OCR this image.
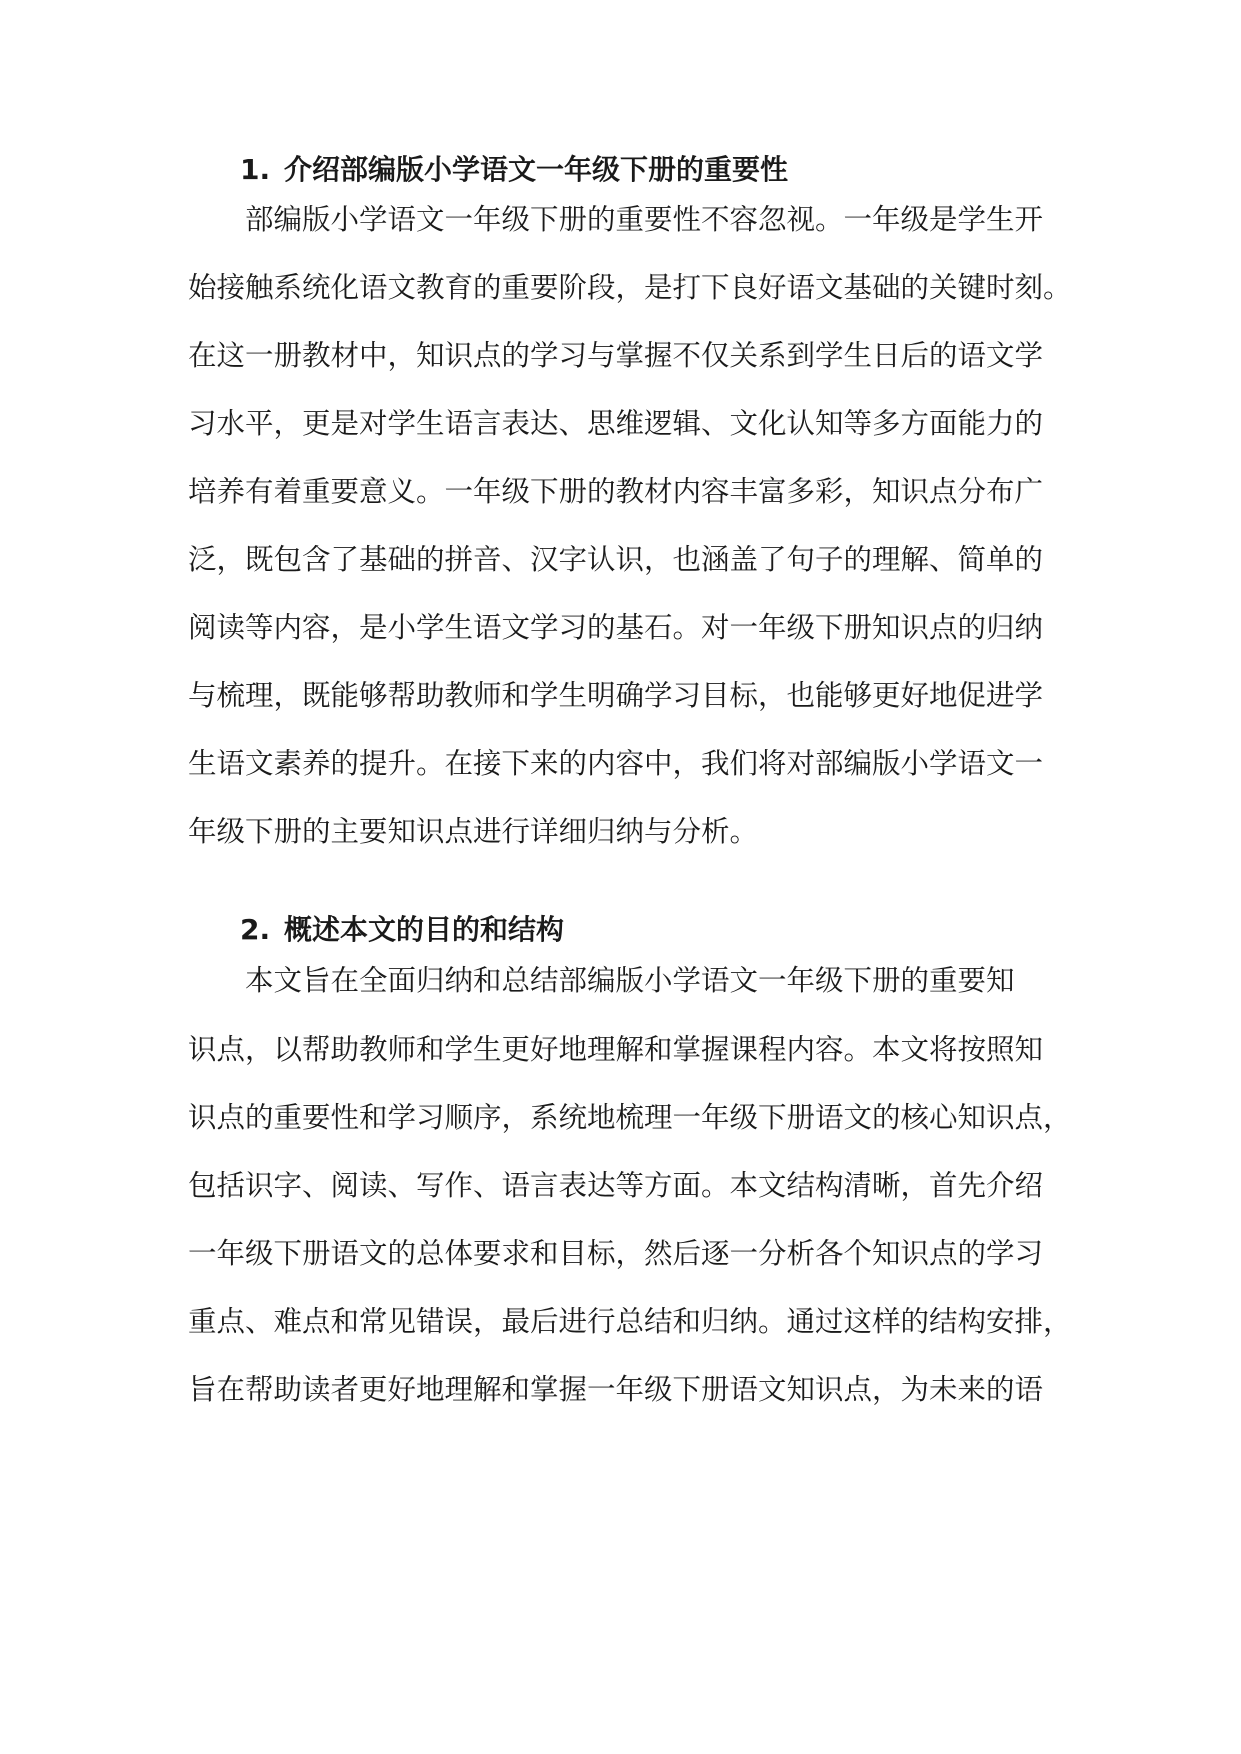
1. 介绍部编版小学语文一年级下册的重要性
部编版小学语文一年级下册的重要性不容忽视。一年级是学生开
始接触系统化语文教育的重要阶段，是打下良好语文基础的关键时刻。
在这一册教材中，知识点的学习与掌握不仅关系到学生日后的语文学
习水平，更是对学生语言表达、思维逻辑、文化认知等多方面能力的
培养有着重要意义。一年级下册的教材内容丰富多彩，知识点分布广
泛，既包含了基础的拼音、汉字认识，也涵盖了句子的理解、简单的
阅读等内容，是小学生语文学习的基石。对一年级下册知识点的归纳
与梳理，既能够帮助教师和学生明确学习目标，也能够更好地促进学
生语文素养的提升。在接下来的内容中，我们将对部编版小学语文一
年级下册的主要知识点进行详细归纳与分析。
2. 概述本文的目的和结构
本文旨在全面归纳和总结部编版小学语文一年级下册的重要知
识点，以帮助教师和学生更好地理解和掌握课程内容。本文将按照知
识点的重要性和学习顺序，系统地梳理一年级下册语文的核心知识点，
包括识字、阅读、写作、语言表达等方面。本文结构清晰，首先介绍
一年级下册语文的总体要求和目标，然后逐一分析各个知识点的学习
重点、难点和常见错误，最后进行总结和归纳。通过这样的结构安排，
旨在帮助读者更好地理解和掌握一年级下册语文知识点，为未来的语
